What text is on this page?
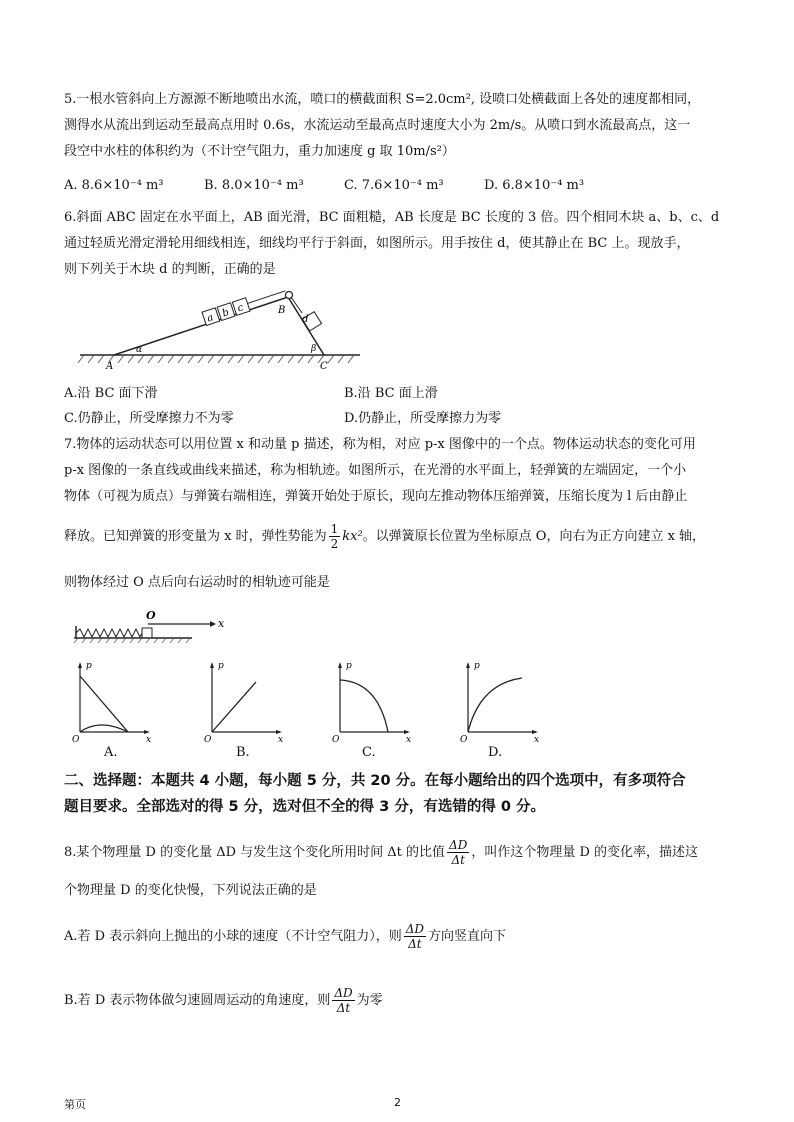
5.一根水管斜向上方源源不断地喷出水流，喷口的横截面积 S=2.0cm², 设喷口处横截面上各处的速度都相同，
测得水从流出到运动至最高点用时 0.6s，水流运动至最高点时速度大小为 2m/s。从喷口到水流最高点，这一
段空中水柱的体积约为（不计空气阻力，重力加速度 g 取 10m/s²）
A. 8.6×10⁻⁴ m³	B. 8.0×10⁻⁴ m³	C. 7.6×10⁻⁴ m³	D. 6.8×10⁻⁴ m³
6.斜面 ABC 固定在水平面上，AB 面光滑，BC 面粗糙，AB 长度是 BC 长度的 3 倍。四个相同木块 a、b、c、d
通过轻质光滑定滑轮用细线相连，细线均平行于斜面，如图所示。用手按住 d，使其静止在 BC 上。现放手，
则下列关于木块 d 的判断，正确的是
a b c
d
A
B
C
α	β
A.沿 BC 面下滑	B.沿 BC 面上滑
C.仍静止，所受摩擦力不为零	D.仍静止，所受摩擦力为零
7.物体的运动状态可以用位置 x 和动量 p 描述，称为相，对应 p-x 图像中的一个点。物体运动状态的变化可用
p-x 图像的一条直线或曲线来描述，称为相轨迹。如图所示，在光滑的水平面上，轻弹簧的左端固定，一个小
物体（可视为质点）与弹簧右端相连，弹簧开始处于原长，现向左推动物体压缩弹簧，压缩长度为 l 后由静止
释放。已知弹簧的形变量为 x 时，弹性势能为 $\frac{1}{2} kx^2$。以弹簧原长位置为坐标原点 O，向右为正方向建立 x 轴，
则物体经过 O 点后向右运动时的相轨迹可能是
O
x
p
x
O
p
x
O
p
x
O
p
x
O
A.	B.	C.	D.
二、选择题：本题共 4 小题，每小题 5 分，共 20 分。在每小题给出的四个选项中，有多项符合
题目要求。全部选对的得 5 分，选对但不全的得 3 分，有选错的得 0 分。
8.某个物理量 D 的变化量 ΔD 与发生这个变化所用时间 Δt 的比值 $\frac{\Delta D}{\Delta t}$ ，叫作这个物理量 D 的变化率，描述这
个物理量 D 的变化快慢，下列说法正确的是
A.若 D 表示斜向上抛出的小球的速度（不计空气阻力），则 $\frac{\Delta D}{\Delta t}$ 方向竖直向下
B.若 D 表示物体做匀速圆周运动的角速度，则 $\frac{\Delta D}{\Delta t}$ 为零
第页	2
